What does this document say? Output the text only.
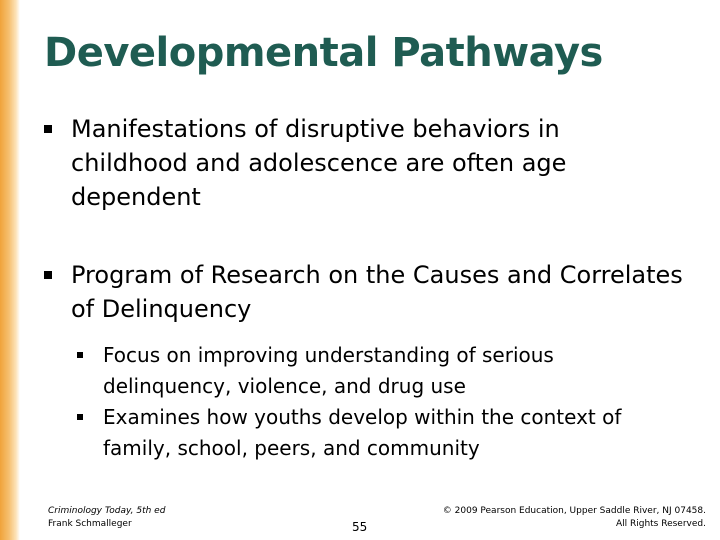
Developmental Pathways
Manifestations of disruptive behaviors in childhood and adolescence are often age dependent
Program of Research on the Causes and Correlates of Delinquency
Focus on improving understanding of serious delinquency, violence, and drug use
Examines how youths develop within the context of family, school, peers, and community
Criminology Today, 5th ed
Frank Schmalleger	55
© 2009 Pearson Education, Upper Saddle River, NJ 07458.
All Rights Reserved.
